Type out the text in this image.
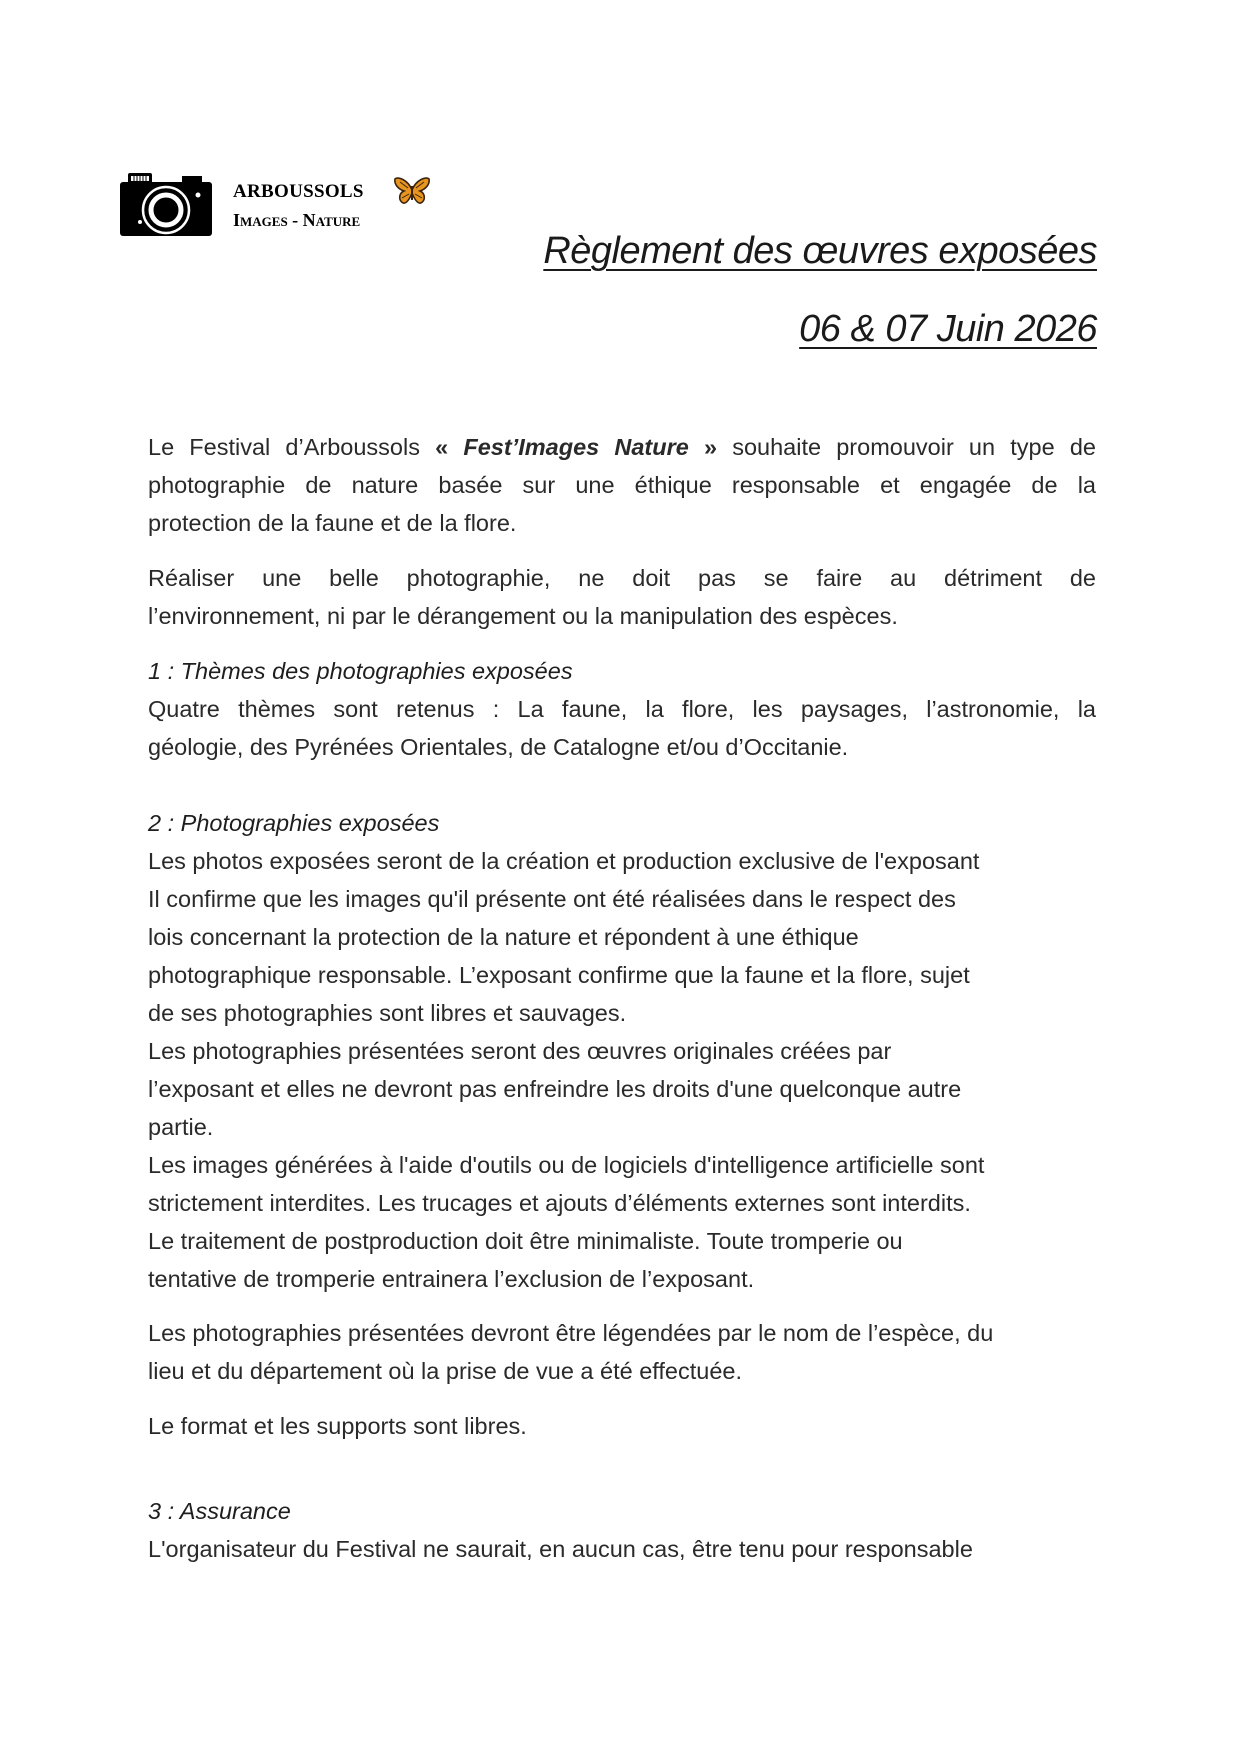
ARBOUSSOLS
Images - Nature
Règlement des œuvres exposées
06 & 07 Juin 2026
Le Festival d’Arboussols « Fest’Images Nature » souhaite promouvoir un type de
photographie de nature basée sur une éthique responsable et engagée de la
protection de la faune et de la flore.
Réaliser une belle photographie, ne doit pas se faire au détriment de
l’environnement, ni par le dérangement ou la manipulation des espèces.
1 : Thèmes des photographies exposées
Quatre thèmes sont retenus : La faune, la flore, les paysages, l’astronomie, la
géologie, des Pyrénées Orientales, de Catalogne et/ou d’Occitanie.
2 : Photographies exposées
Les photos exposées seront de la création et production exclusive de l'exposant
Il confirme que les images qu'il présente ont été réalisées dans le respect des
lois concernant la protection de la nature et répondent à une éthique
photographique responsable. L’exposant confirme que la faune et la flore, sujet
de ses photographies sont libres et sauvages.
Les photographies présentées seront des œuvres originales créées par
l’exposant et elles ne devront pas enfreindre les droits d'une quelconque autre
partie.
Les images générées à l'aide d'outils ou de logiciels d'intelligence artificielle sont
strictement interdites. Les trucages et ajouts d’éléments externes sont interdits.
Le traitement de postproduction doit être minimaliste. Toute tromperie ou
tentative de tromperie entrainera l’exclusion de l’exposant.
Les photographies présentées devront être légendées par le nom de l’espèce, du
lieu et du département où la prise de vue a été effectuée.
Le format et les supports sont libres.
3 : Assurance
L'organisateur du Festival ne saurait, en aucun cas, être tenu pour responsable
